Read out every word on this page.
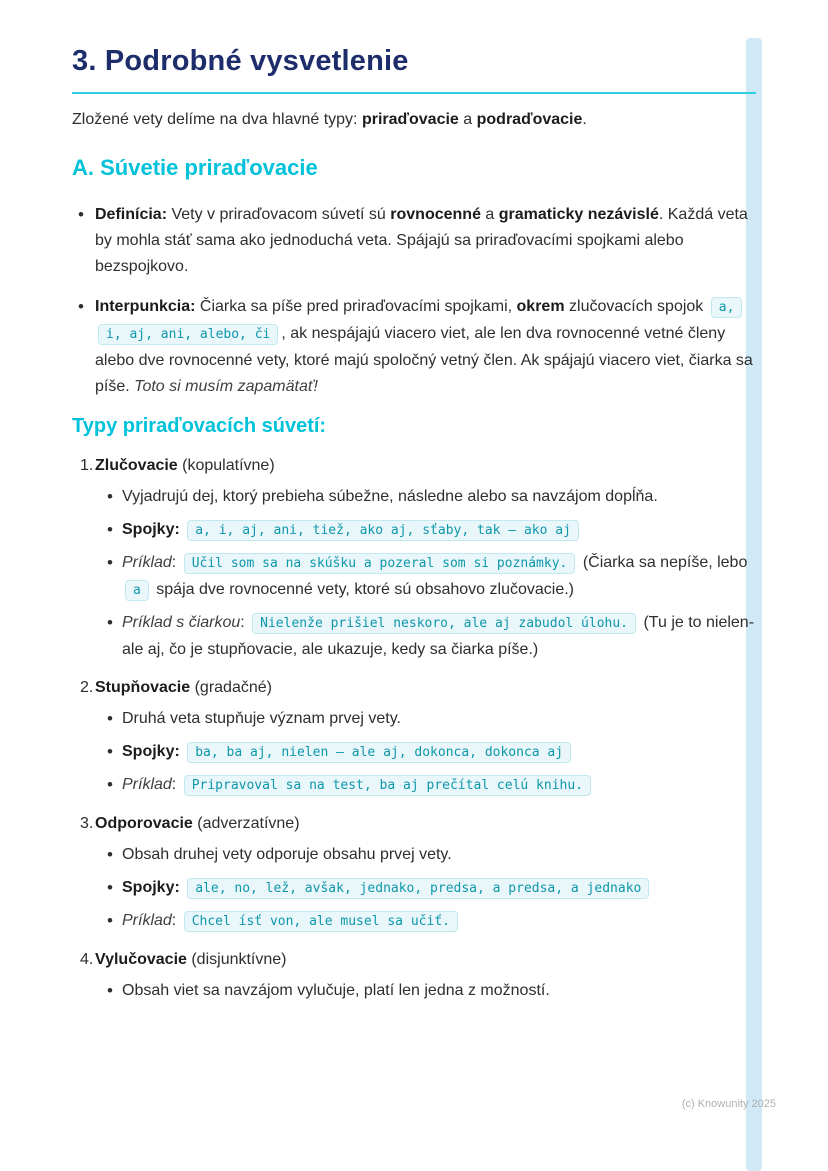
3. Podrobné vysvetlenie

Zložené vety delíme na dva hlavné typy: priraďovacie a podraďovacie.

A. Súvetie priraďovacie
•
Definícia: Vety v priraďovacom súvetí sú rovnocenné a gramaticky nezávislé. Každá veta by mohla stáť sama ako jednoduchá veta. Spájajú sa priraďovacími spojkami alebo bezspojkovo.
•
Interpunkcia: Čiarka sa píše pred priraďovacími spojkami, okrem zlučovacích spojok a, i, aj, ani, alebo, či , ak nespájajú viacero viet, ale len dva rovnocenné vetné členy alebo dve rovnocenné vety, ktoré majú spoločný vetný člen. Ak spájajú viacero viet, čiarka sa píše. Toto si musím zapamätať!
Typy priraďovacích súvetí:
1. Zlučovacie (kopulatívne)
•
Vyjadrujú dej, ktorý prebieha súbežne, následne alebo sa navzájom dopĺňa.
•
Spojky: a, i, aj, ani, tiež, ako aj, sťaby, tak – ako aj
•
Príklad: Učil som sa na skúšku a pozeral som si poznámky. (Čiarka sa nepíše, lebo a spája dve rovnocenné vety, ktoré sú obsahovo zlučovacie.)
•
Príklad s čiarkou: Nielenže prišiel neskoro, ale aj zabudol úlohu. (Tu je to nielen-ale aj, čo je stupňovacie, ale ukazuje, kedy sa čiarka píše.)
2. Stupňovacie (gradačné)
•
Druhá veta stupňuje význam prvej vety.
•
Spojky: ba, ba aj, nielen – ale aj, dokonca, dokonca aj
•
Príklad: Pripravoval sa na test, ba aj prečítal celú knihu.
3. Odporovacie (adverzatívne)
•
Obsah druhej vety odporuje obsahu prvej vety.
•
Spojky: ale, no, lež, avšak, jednako, predsa, a predsa, a jednako
•
Príklad: Chcel ísť von, ale musel sa učiť.
4. Vylučovacie (disjunktívne)
•
Obsah viet sa navzájom vylučuje, platí len jedna z možností.
(c) Knowunity 2025
